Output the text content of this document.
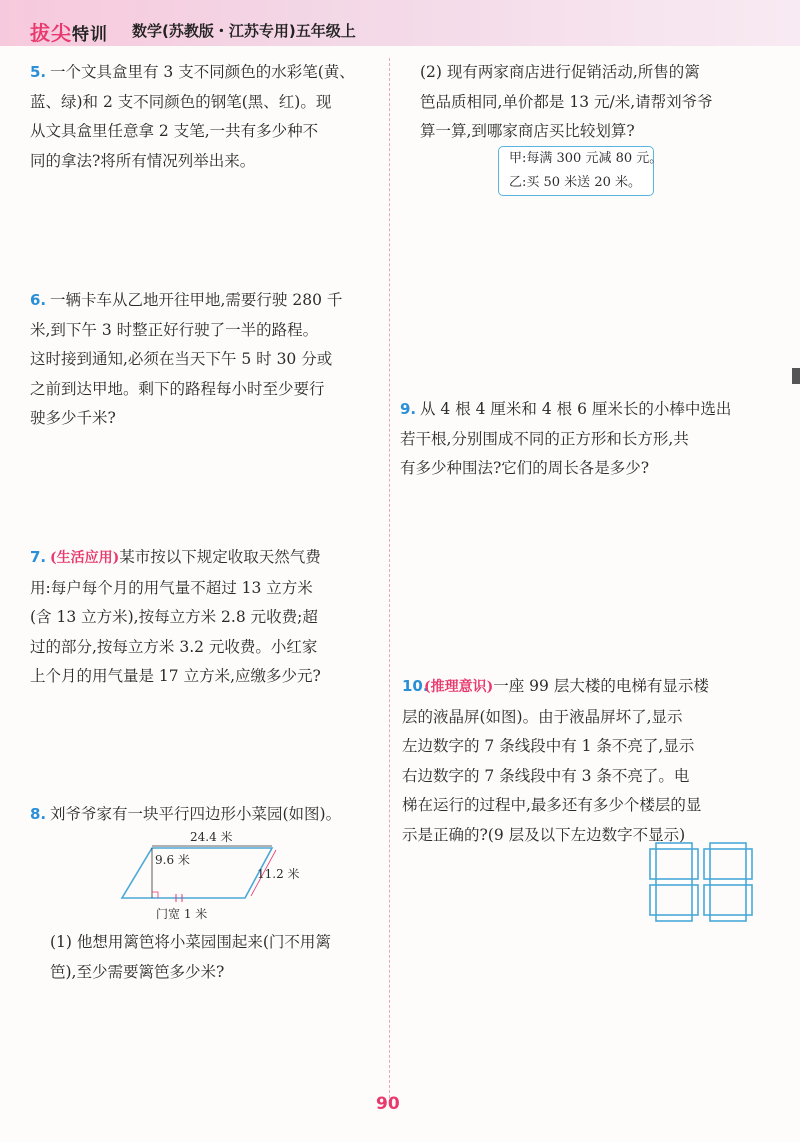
拔尖特训 数学(苏教版・江苏专用)五年级上
5. 一个文具盒里有 3 支不同颜色的水彩笔(黄、
蓝、绿)和 2 支不同颜色的钢笔(黑、红)。现
从文具盒里任意拿 2 支笔,一共有多少种不
同的拿法?将所有情况列举出来。
6. 一辆卡车从乙地开往甲地,需要行驶 280 千
米,到下午 3 时整正好行驶了一半的路程。
这时接到通知,必须在当天下午 5 时 30 分或
之前到达甲地。剩下的路程每小时至少要行
驶多少千米?
7. (生活应用)某市按以下规定收取天然气费
用:每户每个月的用气量不超过 13 立方米
(含 13 立方米),按每立方米 2.8 元收费;超
过的部分,按每立方米 3.2 元收费。小红家
上个月的用气量是 17 立方米,应缴多少元?
8. 刘爷爷家有一块平行四边形小菜园(如图)。
24.4 米
9.6 米
11.2 米
门宽 1 米
(1) 他想用篱笆将小菜园围起来(门不用篱
笆),至少需要篱笆多少米?
(2) 现有两家商店进行促销活动,所售的篱
笆品质相同,单价都是 13 元/米,请帮刘爷爷
算一算,到哪家商店买比较划算?
甲:每满 300 元减 80 元。
乙:买 50 米送 20 米。
9. 从 4 根 4 厘米和 4 根 6 厘米长的小棒中选出
若干根,分别围成不同的正方形和长方形,共
有多少种围法?它们的周长各是多少?
10.(推理意识)一座 99 层大楼的电梯有显示楼
层的液晶屏(如图)。由于液晶屏坏了,显示
左边数字的 7 条线段中有 1 条不亮了,显示
右边数字的 7 条线段中有 3 条不亮了。电
梯在运行的过程中,最多还有多少个楼层的显
示是正确的?(9 层及以下左边数字不显示)
90
